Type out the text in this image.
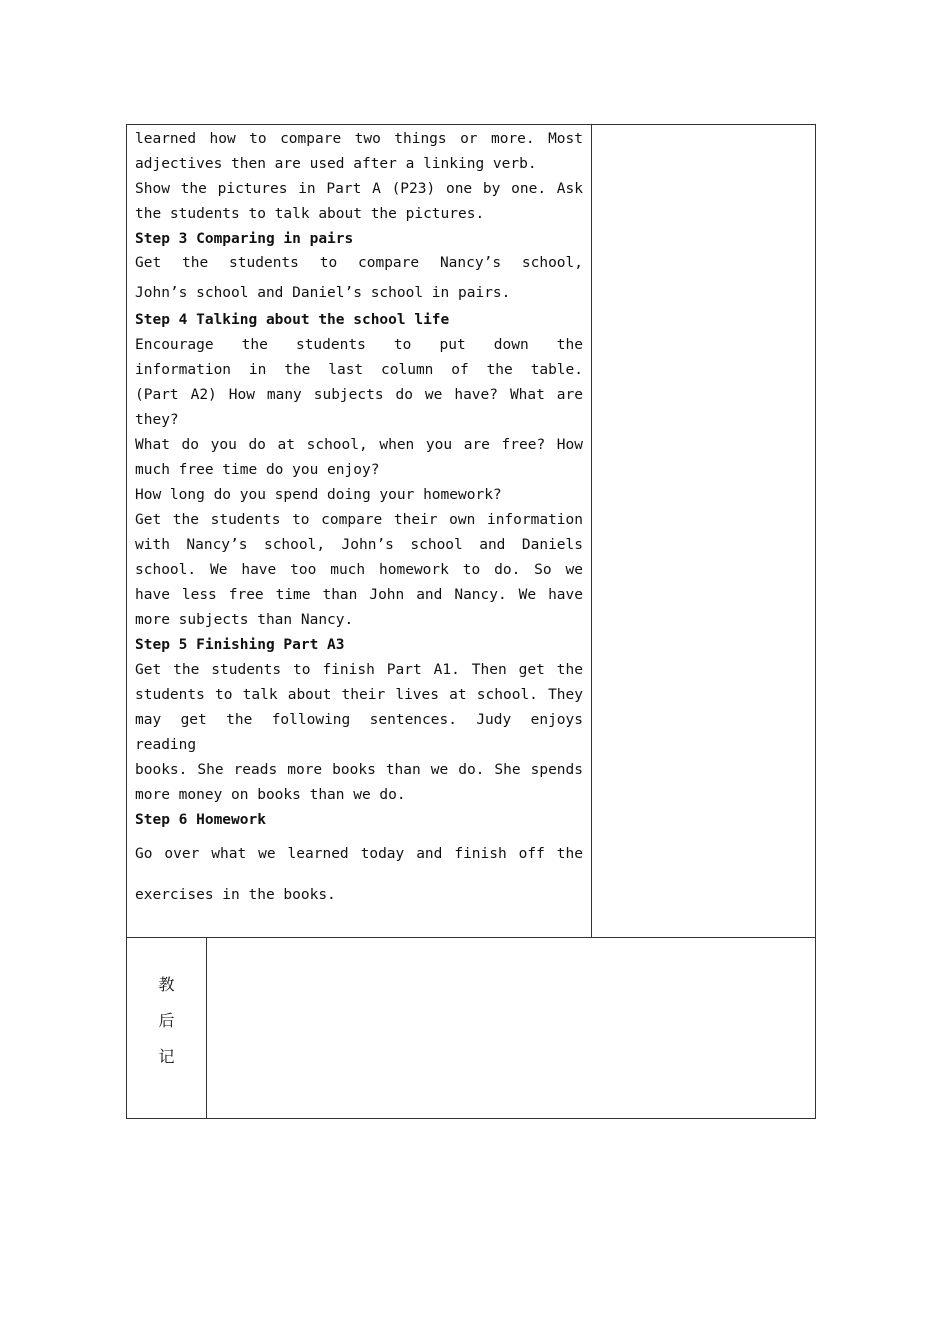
learned how to compare two things or more. Most

adjectives then are used after a linking verb.

Show the pictures in Part A (P23) one by one. Ask

the students to talk about the pictures.

Step 3 Comparing in pairs

Get the students to compare Nancy’s school,

John’s school and Daniel’s school in pairs.

Step 4 Talking about the school life

Encourage the students to put down the

information in the last column of the table.

(Part A2) How many subjects do we have? What are

they?

What do you do at school, when you are free? How

much free time do you enjoy?

How long do you spend doing your homework?

Get the students to compare their own information

with Nancy’s school, John’s school and Daniels

school. We have too much homework to do. So we

have less free time than John and Nancy. We have

more subjects than Nancy.

Step 5 Finishing Part A3

Get the students to finish Part A1. Then get the

students to talk about their lives at school. They

may get the following sentences. Judy enjoys reading

books. She reads more books than we do. She spends

more money on books than we do.

Step 6 Homework

Go over what we learned today and finish off the

exercises in the books.

教
后
记
